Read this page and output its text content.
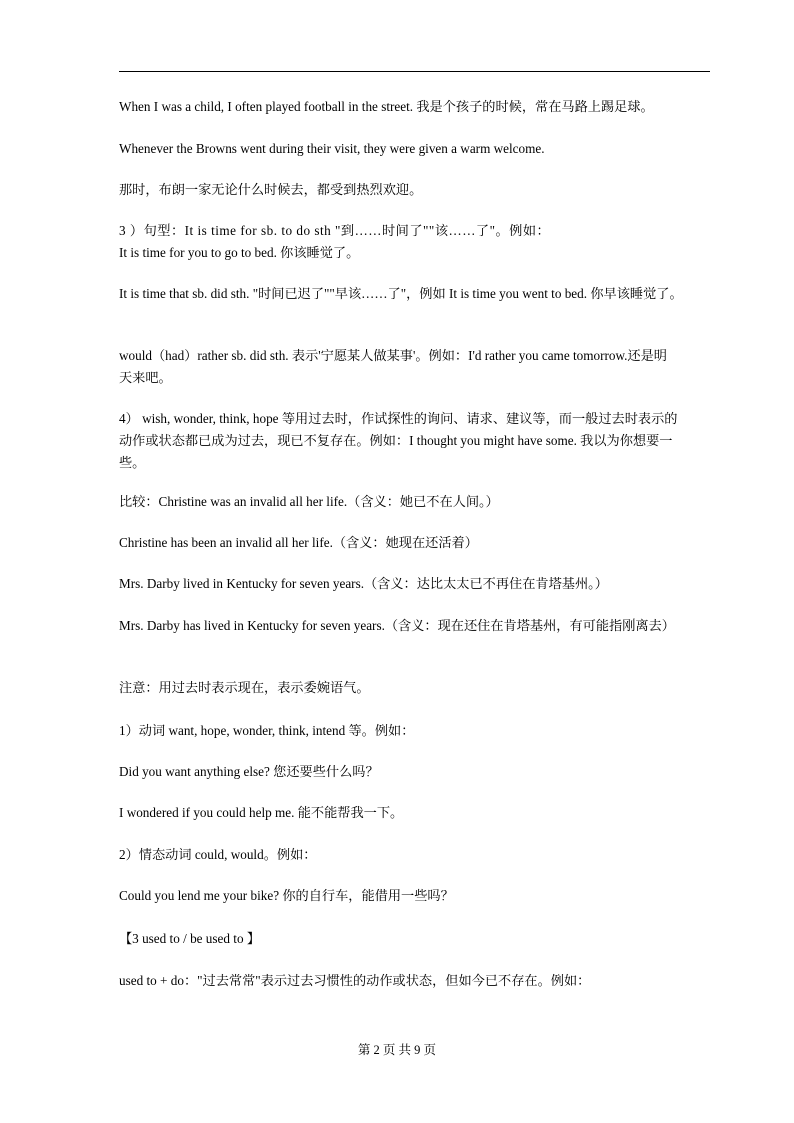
When I was a child, I often played football in the street. 我是个孩子的时候，常在马路上踢足球。
Whenever the Browns went during their visit, they were given a warm welcome.
那时，布朗一家无论什么时候去，都受到热烈欢迎。
3 ）句型：It is time for sb. to do sth "到……时间了""该……了"。例如：
It is time for you to go to bed. 你该睡觉了。
It is time that sb. did sth. "时间已迟了""早该……了"，例如 It is time you went to bed. 你早该睡觉了。
would（had）rather sb. did sth. 表示'宁愿某人做某事'。例如：I'd rather you came tomorrow.还是明
天来吧。
4） wish, wonder, think, hope 等用过去时，作试探性的询问、请求、建议等，而一般过去时表示的
动作或状态都已成为过去，现已不复存在。例如：I thought you might have some. 我以为你想要一
些。
比较：Christine was an invalid all her life.（含义：她已不在人间。）
Christine has been an invalid all her life.（含义：她现在还活着）
Mrs. Darby lived in Kentucky for seven years.（含义：达比太太已不再住在肯塔基州。）
Mrs. Darby has lived in Kentucky for seven years.（含义：现在还住在肯塔基州，有可能指刚离去）
注意：用过去时表示现在，表示委婉语气。
1）动词 want, hope, wonder, think, intend 等。例如：
Did you want anything else? 您还要些什么吗？
I wondered if you could help me. 能不能帮我一下。
2）情态动词 could, would。例如：
Could you lend me your bike? 你的自行车，能借用一些吗？
【3 used to / be used to 】
used to + do："过去常常"表示过去习惯性的动作或状态，但如今已不存在。例如：
第 2 页 共 9 页
